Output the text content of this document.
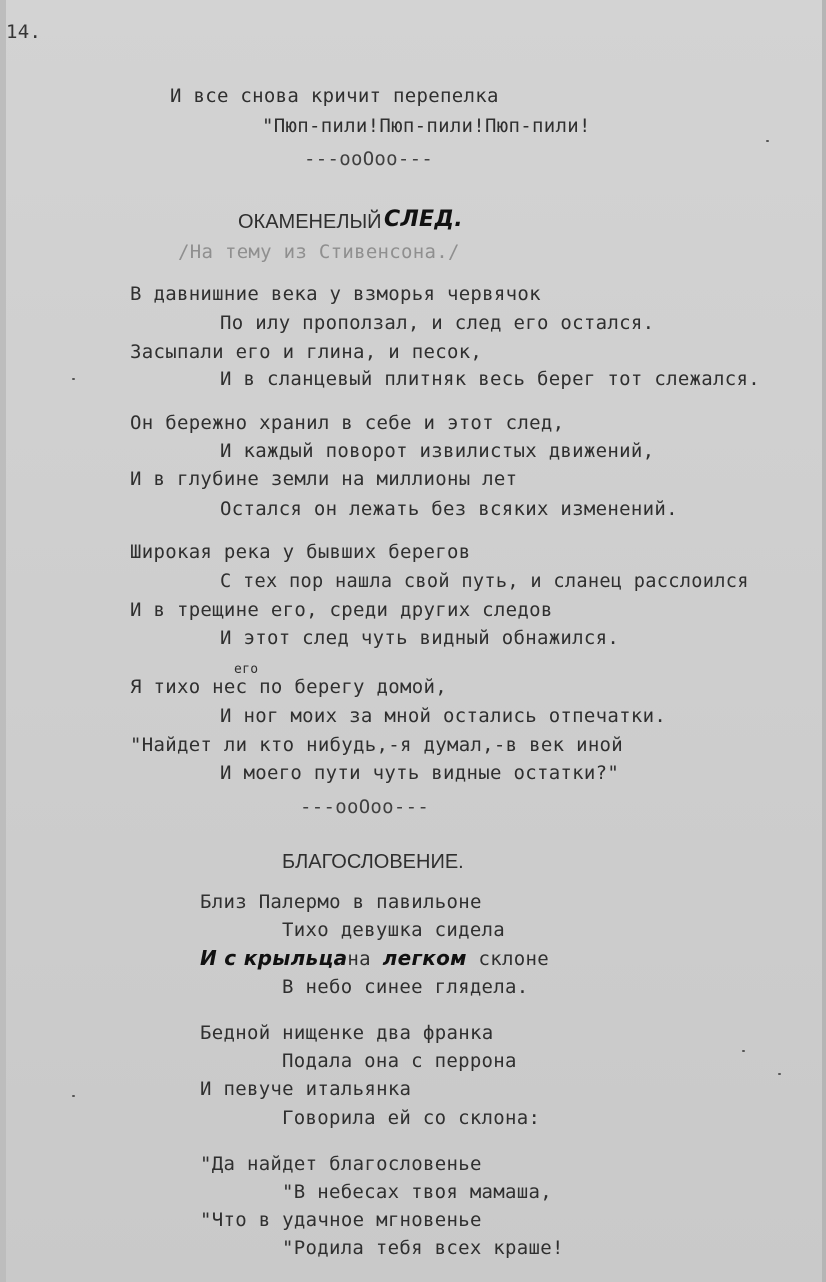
14.
И все снова кричит перепелка
"Пюп-пили!Пюп-пили!Пюп-пили!
---ооОоо---
ОКАМЕНЕЛЫЙ СЛЕД.
/На тему из Стивенсона./
В давнишние века у взморья червячок
По илу проползал, и след его остался.
Засыпали его и глина, и песок,
И в сланцевый плитняк весь берег тот слежался.
Он бережно хранил в себе и этот след,
И каждый поворот извилистых движений,
И в глубине земли на миллионы лет
Остался он лежать без всяких изменений.
Широкая река у бывших берегов
С тех пор нашла свой путь, и сланец расслоился
И в трещине его, среди других следов
И этот след чуть видный обнажился.
его
Я тихо нес по берегу домой,
И ног моих за мной остались отпечатки.
"Найдет ли кто нибудь,-я думал,-в век иной
И моего пути чуть видные остатки?"
---ооОоо---
БЛАГОСЛОВЕНИЕ.
Близ Палермо в павильоне
Тихо девушка сидела
И с крыльцана легком склоне
В небо синее глядела.
Бедной нищенке два франка
Подала она с перрона
И певуче итальянка
Говорила ей со склона:
"Да найдет благословенье
"В небесах твоя мамаша,
"Что в удачное мгновенье
"Родила тебя всех краше!
